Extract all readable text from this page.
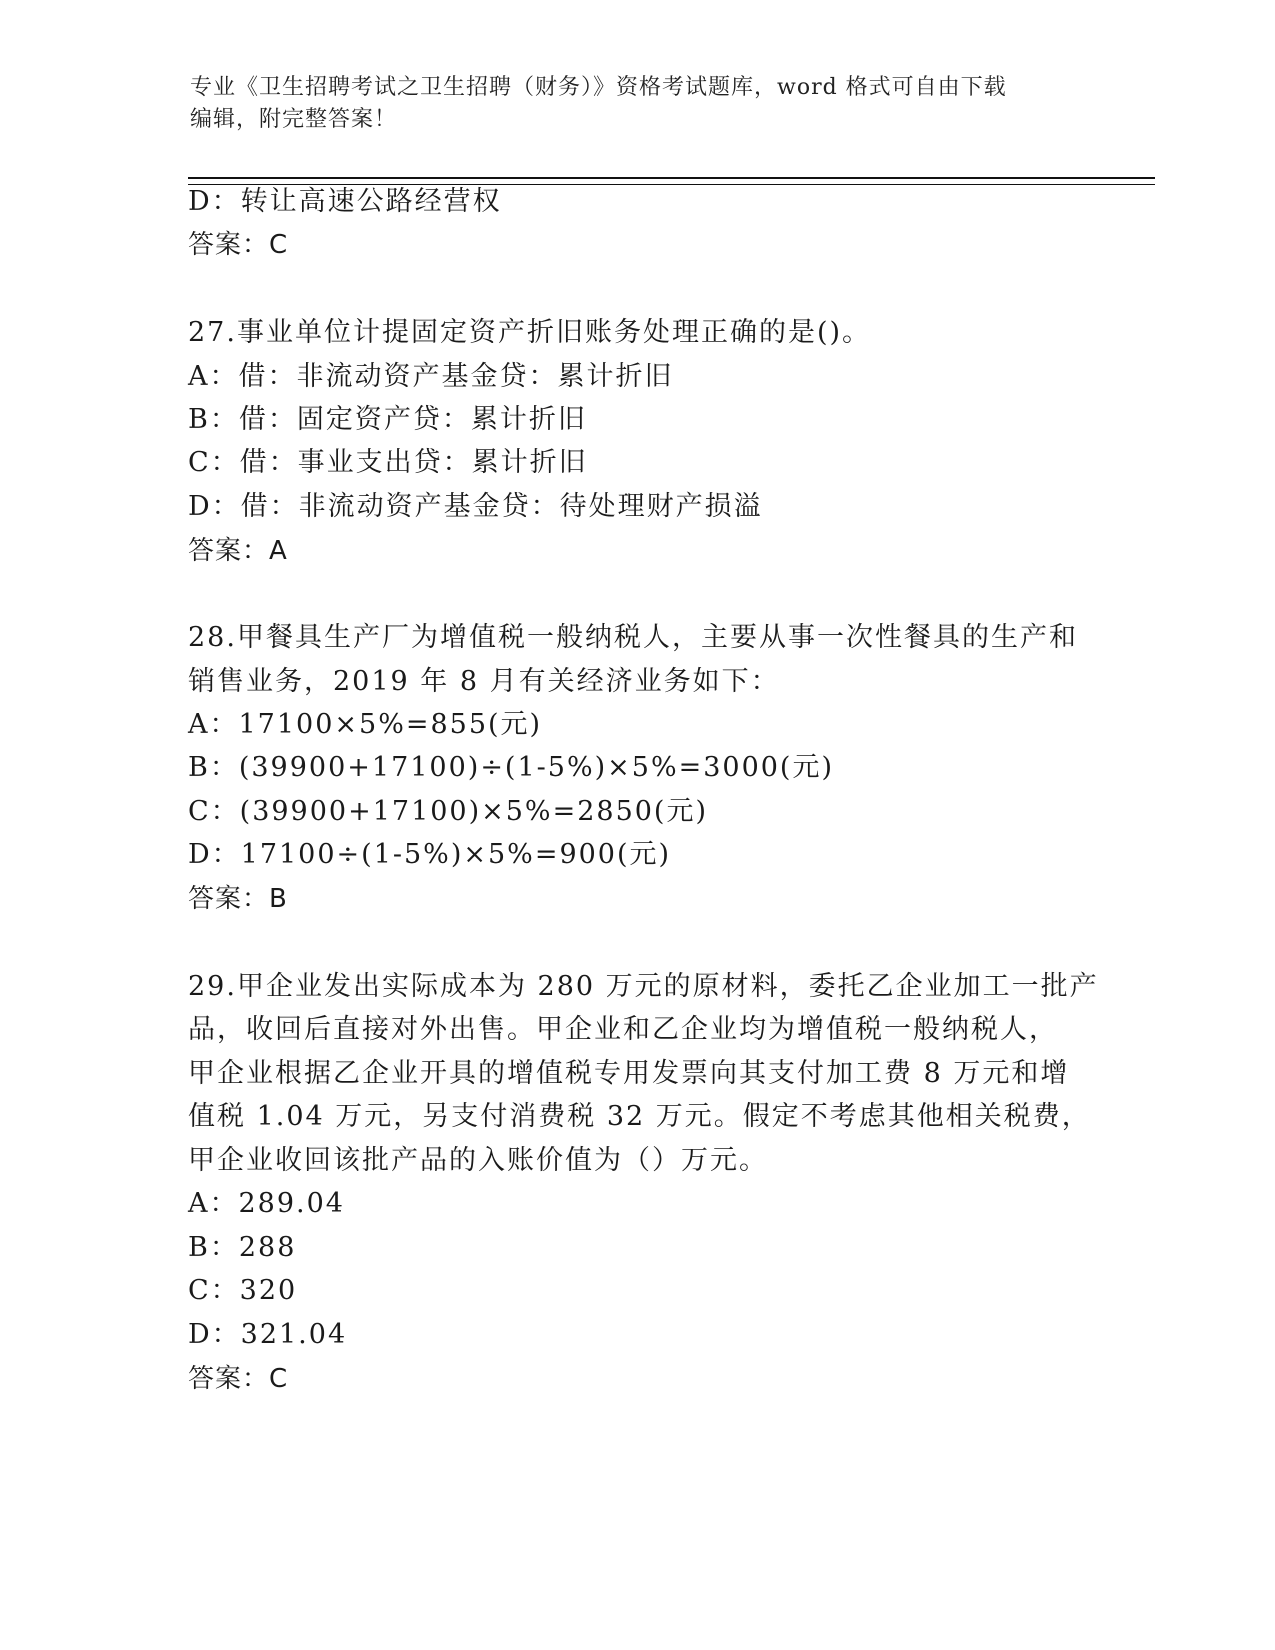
专业《卫生招聘考试之卫生招聘（财务）》资格考试题库，word 格式可自由下载
编辑，附完整答案！
D：转让高速公路经营权
答案：C
27.事业单位计提固定资产折旧账务处理正确的是()。
A：借：非流动资产基金贷：累计折旧
B：借：固定资产贷：累计折旧
C：借：事业支出贷：累计折旧
D：借：非流动资产基金贷：待处理财产损溢
答案：A
28.甲餐具生产厂为增值税一般纳税人，主要从事一次性餐具的生产和
销售业务，2019 年 8 月有关经济业务如下：
A：17100×5%=855(元)
B：(39900+17100)÷(1-5%)×5%=3000(元)
C：(39900+17100)×5%=2850(元)
D：17100÷(1-5%)×5%=900(元)
答案：B
29.甲企业发出实际成本为 280 万元的原材料，委托乙企业加工一批产
品，收回后直接对外出售。甲企业和乙企业均为增值税一般纳税人，
甲企业根据乙企业开具的增值税专用发票向其支付加工费 8 万元和增
值税 1.04 万元，另支付消费税 32 万元。假定不考虑其他相关税费，
甲企业收回该批产品的入账价值为（）万元。
A：289.04
B：288
C：320
D：321.04
答案：C
